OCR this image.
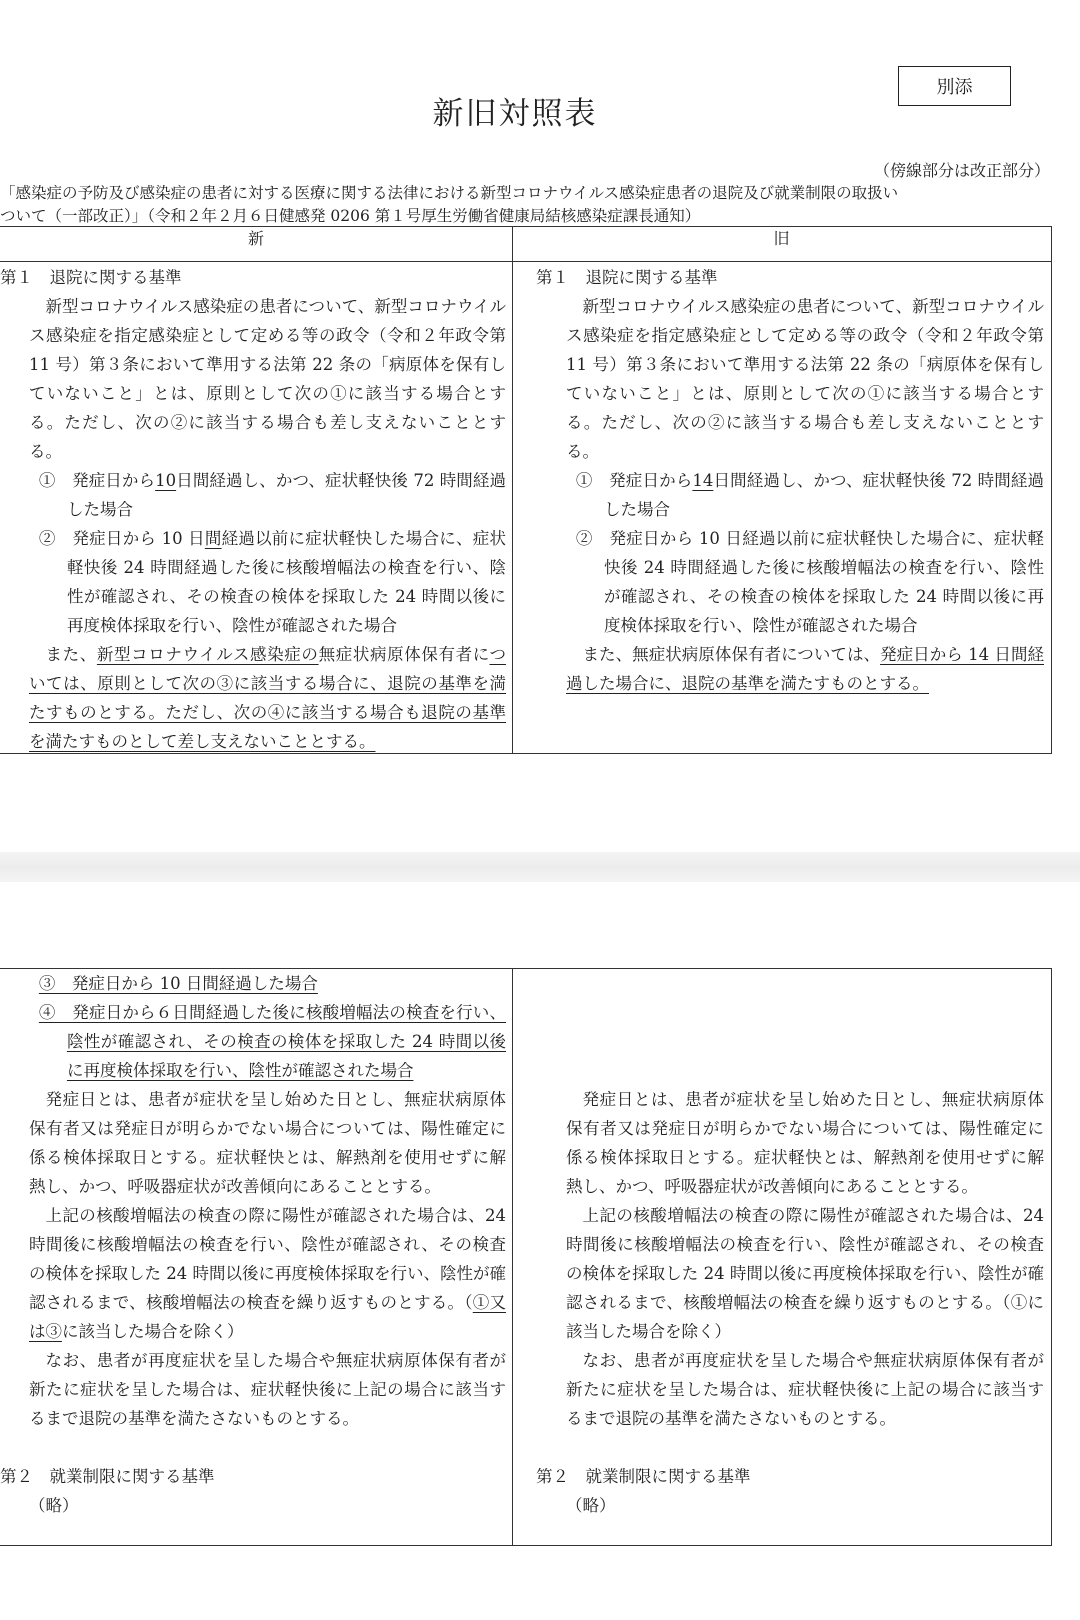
新旧対照表
別添
（傍線部分は改正部分）
「感染症の予防及び感染症の患者に対する医療に関する法律における新型コロナウイルス感染症患者の退院及び就業制限の取扱い
ついて（一部改正）」（令和２年２月６日健感発 0206 第１号厚生労働省健康局結核感染症課長通知）
新	旧

第１　退院に関する基準

新型コロナウイルス感染症の患者について、新型コロナウイルス感染症を指定感染症として定める等の政令（令和２年政令第 11 号）第３条において準用する法第 22 条の「病原体を保有していないこと」とは、原則として次の①に該当する場合とする。ただし、次の②に該当する場合も差し支えないこととする。

①　発症日から10日間経過し、かつ、症状軽快後 72 時間経過した場合

②　発症日から 10 日間経過以前に症状軽快した場合に、症状軽快後 24 時間経過した後に核酸増幅法の検査を行い、陰性が確認され、その検査の検体を採取した 24 時間以後に再度検体採取を行い、陰性が確認された場合

また、新型コロナウイルス感染症の無症状病原体保有者については、原則として次の③に該当する場合に、退院の基準を満たすものとする。ただし、次の④に該当する場合も退院の基準を満たすものとして差し支えないこととする。

第１　退院に関する基準

新型コロナウイルス感染症の患者について、新型コロナウイルス感染症を指定感染症として定める等の政令（令和２年政令第 11 号）第３条において準用する法第 22 条の「病原体を保有していないこと」とは、原則として次の①に該当する場合とする。ただし、次の②に該当する場合も差し支えないこととする。

①　発症日から14日間経過し、かつ、症状軽快後 72 時間経過した場合

②　発症日から 10 日経過以前に症状軽快した場合に、症状軽快後 24 時間経過した後に核酸増幅法の検査を行い、陰性が確認され、その検査の検体を採取した 24 時間以後に再度検体採取を行い、陰性が確認された場合

また、無症状病原体保有者については、発症日から 14 日間経過した場合に、退院の基準を満たすものとする。

③　発症日から 10 日間経過した場合

④　発症日から６日間経過した後に核酸増幅法の検査を行い、陰性が確認され、その検査の検体を採取した 24 時間以後に再度検体採取を行い、陰性が確認された場合

発症日とは、患者が症状を呈し始めた日とし、無症状病原体保有者又は発症日が明らかでない場合については、陽性確定に係る検体採取日とする。症状軽快とは、解熱剤を使用せずに解熱し、かつ、呼吸器症状が改善傾向にあることとする。

上記の核酸増幅法の検査の際に陽性が確認された場合は、24 時間後に核酸増幅法の検査を行い、陰性が確認され、その検査の検体を採取した 24 時間以後に再度検体採取を行い、陰性が確認されるまで、核酸増幅法の検査を繰り返すものとする。（①又は③に該当した場合を除く）

なお、患者が再度症状を呈した場合や無症状病原体保有者が新たに症状を呈した場合は、症状軽快後に上記の場合に該当するまで退院の基準を満たさないものとする。

第２　就業制限に関する基準

（略）

発症日とは、患者が症状を呈し始めた日とし、無症状病原体保有者又は発症日が明らかでない場合については、陽性確定に係る検体採取日とする。症状軽快とは、解熱剤を使用せずに解熱し、かつ、呼吸器症状が改善傾向にあることとする。

上記の核酸増幅法の検査の際に陽性が確認された場合は、24 時間後に核酸増幅法の検査を行い、陰性が確認され、その検査の検体を採取した 24 時間以後に再度検体採取を行い、陰性が確認されるまで、核酸増幅法の検査を繰り返すものとする。（①に該当した場合を除く）

なお、患者が再度症状を呈した場合や無症状病原体保有者が新たに症状を呈した場合は、症状軽快後に上記の場合に該当するまで退院の基準を満たさないものとする。

第２　就業制限に関する基準

（略）
